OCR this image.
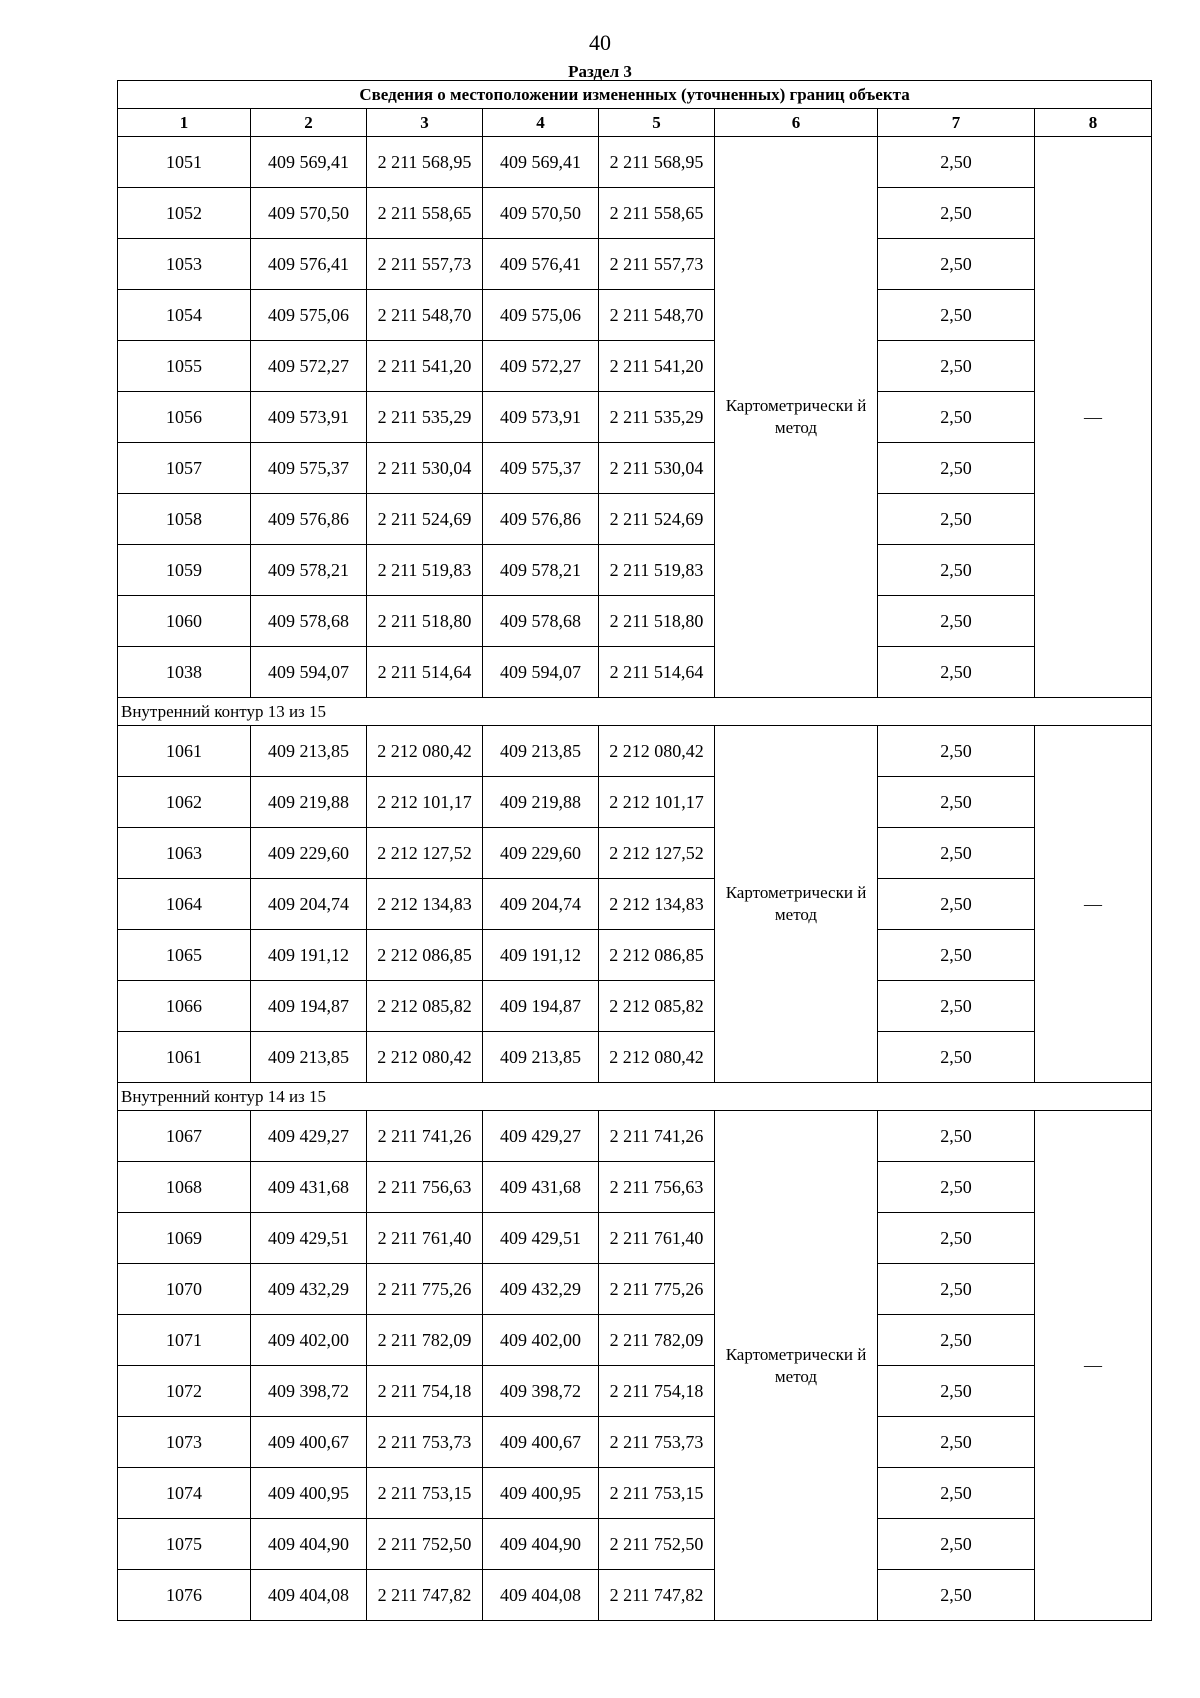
40
Раздел 3
Сведения о местоположении измененных (уточненных) границ объекта							
1	2	3	4	5	6	7	8
1051	409 569,41	2 211 568,95	409 569,41	2 211 568,95	Картометрически й метод	2,50	—
1052	409 570,50	2 211 558,65	409 570,50	2 211 558,65		2,50	
1053	409 576,41	2 211 557,73	409 576,41	2 211 557,73		2,50	
1054	409 575,06	2 211 548,70	409 575,06	2 211 548,70		2,50	
1055	409 572,27	2 211 541,20	409 572,27	2 211 541,20		2,50	
1056	409 573,91	2 211 535,29	409 573,91	2 211 535,29		2,50	
1057	409 575,37	2 211 530,04	409 575,37	2 211 530,04		2,50	
1058	409 576,86	2 211 524,69	409 576,86	2 211 524,69		2,50	
1059	409 578,21	2 211 519,83	409 578,21	2 211 519,83		2,50	
1060	409 578,68	2 211 518,80	409 578,68	2 211 518,80		2,50	
1038	409 594,07	2 211 514,64	409 594,07	2 211 514,64		2,50	
Внутренний контур 13 из 15							
1061	409 213,85	2 212 080,42	409 213,85	2 212 080,42	Картометрически й метод	2,50	—
1062	409 219,88	2 212 101,17	409 219,88	2 212 101,17		2,50	
1063	409 229,60	2 212 127,52	409 229,60	2 212 127,52		2,50	
1064	409 204,74	2 212 134,83	409 204,74	2 212 134,83		2,50	
1065	409 191,12	2 212 086,85	409 191,12	2 212 086,85		2,50	
1066	409 194,87	2 212 085,82	409 194,87	2 212 085,82		2,50	
1061	409 213,85	2 212 080,42	409 213,85	2 212 080,42		2,50	
Внутренний контур 14 из 15							
1067	409 429,27	2 211 741,26	409 429,27	2 211 741,26	Картометрически й метод	2,50	—
1068	409 431,68	2 211 756,63	409 431,68	2 211 756,63		2,50	
1069	409 429,51	2 211 761,40	409 429,51	2 211 761,40		2,50	
1070	409 432,29	2 211 775,26	409 432,29	2 211 775,26		2,50	
1071	409 402,00	2 211 782,09	409 402,00	2 211 782,09		2,50	
1072	409 398,72	2 211 754,18	409 398,72	2 211 754,18		2,50	
1073	409 400,67	2 211 753,73	409 400,67	2 211 753,73		2,50	
1074	409 400,95	2 211 753,15	409 400,95	2 211 753,15		2,50	
1075	409 404,90	2 211 752,50	409 404,90	2 211 752,50		2,50	
1076	409 404,08	2 211 747,82	409 404,08	2 211 747,82		2,50	
